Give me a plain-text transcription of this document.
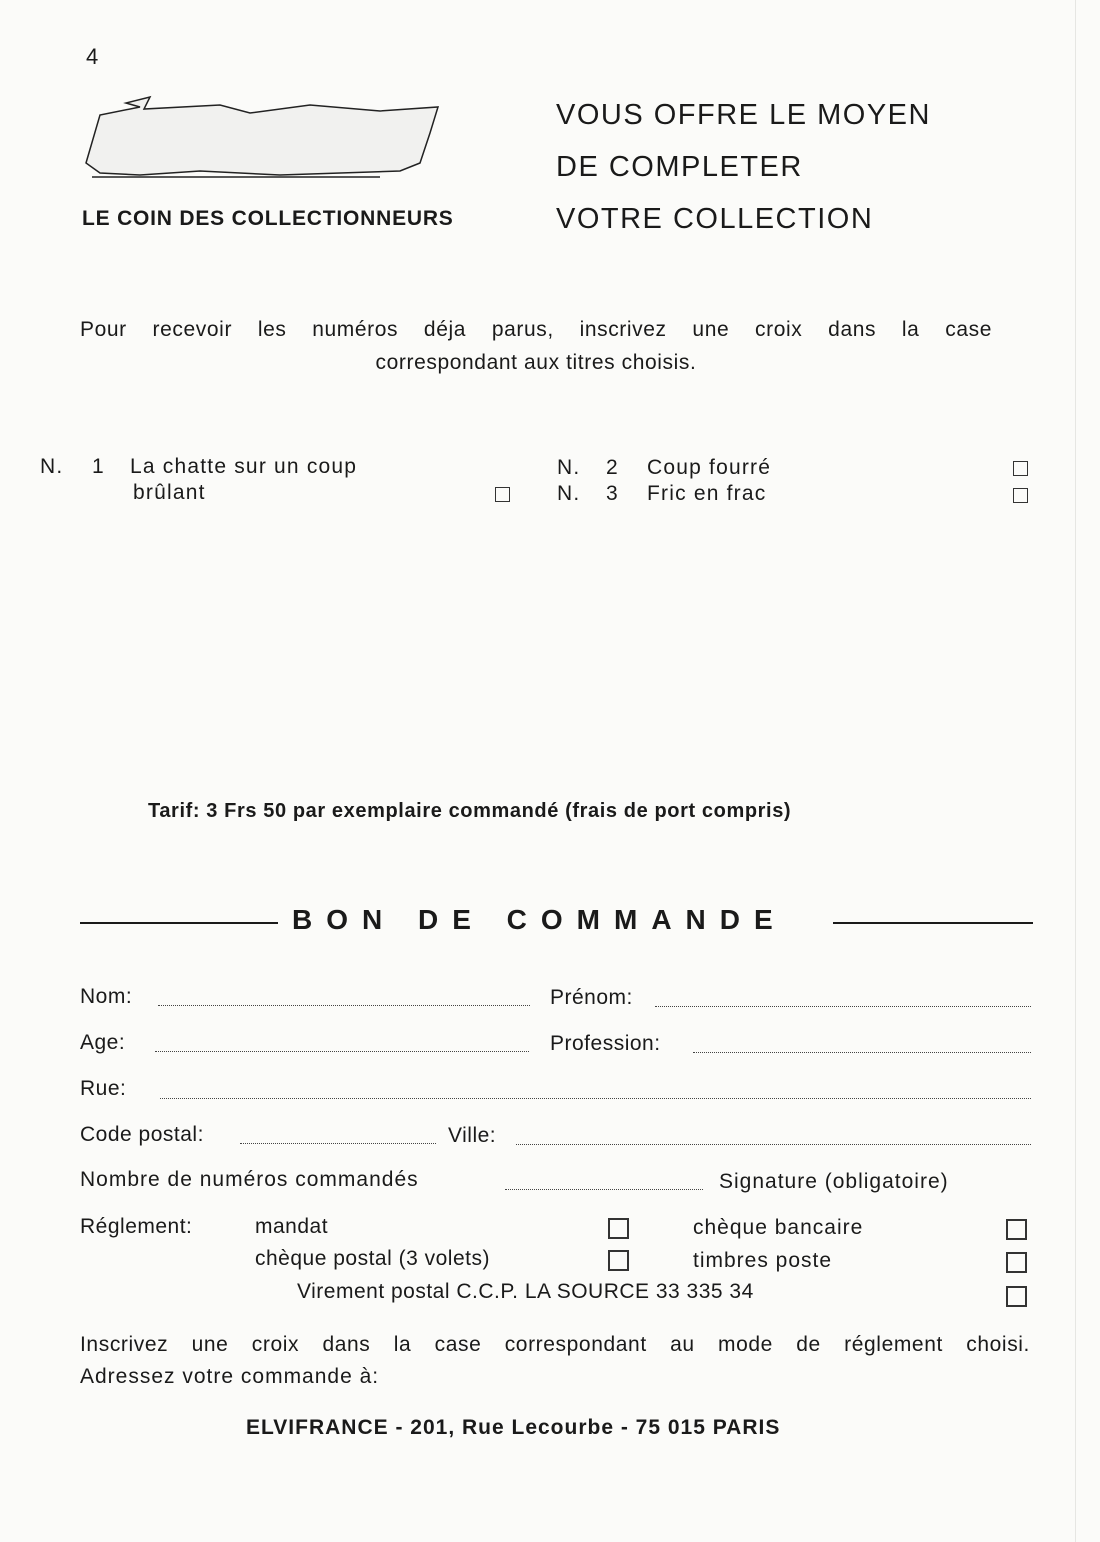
4
LE COIN DES COLLECTIONNEURS
VOUS OFFRE LE MOYEN
DE COMPLETER
VOTRE COLLECTION
Pour recevoir les numéros déja parus, inscrivez une croix dans la case
correspondant aux titres choisis.
N. 1 La chatte sur un coup
brûlant
N. 2 Coup fourré
N. 3 Fric en frac
Tarif: 3 Frs 50 par exemplaire commandé (frais de port compris)
BON DE COMMANDE
Nom:	Prénom:
Age:	Profession:
Rue:
Code postal:	Ville:
Nombre de numéros commandés	Signature (obligatoire)
Réglement:	mandat	chèque bancaire
chèque postal (3 volets)	timbres poste
Virement postal C.C.P. LA SOURCE 33 335 34
Inscrivez une croix dans la case correspondant au mode de réglement choisi.
Adressez votre commande à:
ELVIFRANCE - 201, Rue Lecourbe - 75 015 PARIS
